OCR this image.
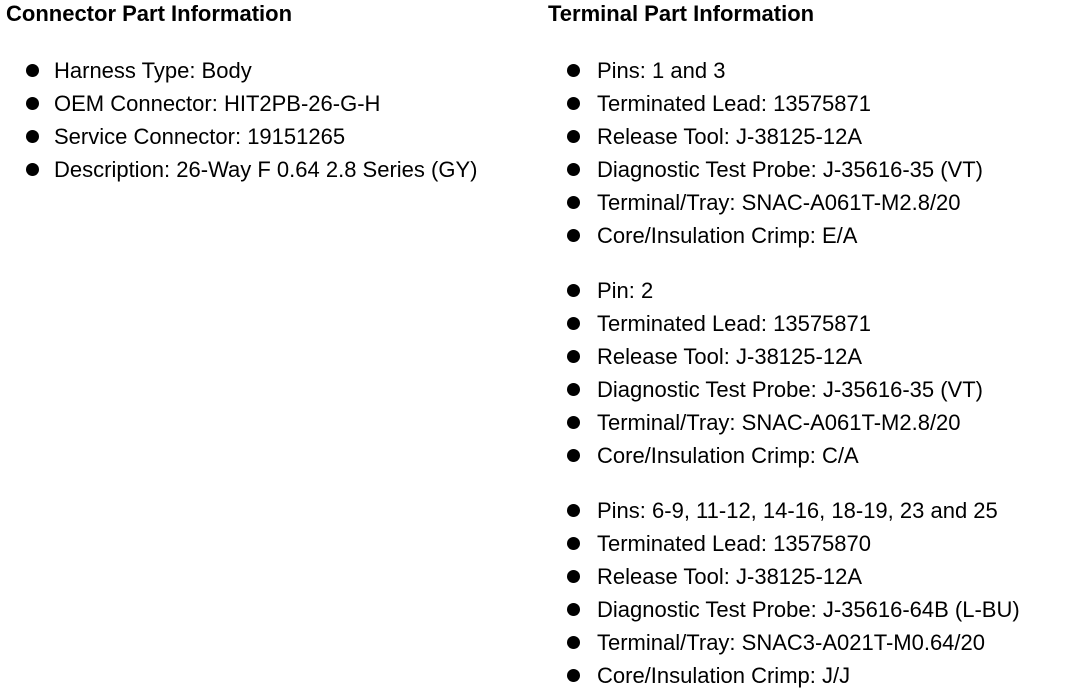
Connector Part Information
Harness Type: Body
OEM Connector: HIT2PB-26-G-H
Service Connector: 19151265
Description: 26-Way F 0.64 2.8 Series (GY)
Terminal Part Information
Pins: 1 and 3
Terminated Lead: 13575871
Release Tool: J-38125-12A
Diagnostic Test Probe: J-35616-35 (VT)
Terminal/Tray: SNAC-A061T-M2.8/20
Core/Insulation Crimp: E/A
Pin: 2
Terminated Lead: 13575871
Release Tool: J-38125-12A
Diagnostic Test Probe: J-35616-35 (VT)
Terminal/Tray: SNAC-A061T-M2.8/20
Core/Insulation Crimp: C/A
Pins: 6-9, 11-12, 14-16, 18-19, 23 and 25
Terminated Lead: 13575870
Release Tool: J-38125-12A
Diagnostic Test Probe: J-35616-64B (L-BU)
Terminal/Tray: SNAC3-A021T-M0.64/20
Core/Insulation Crimp: J/J
